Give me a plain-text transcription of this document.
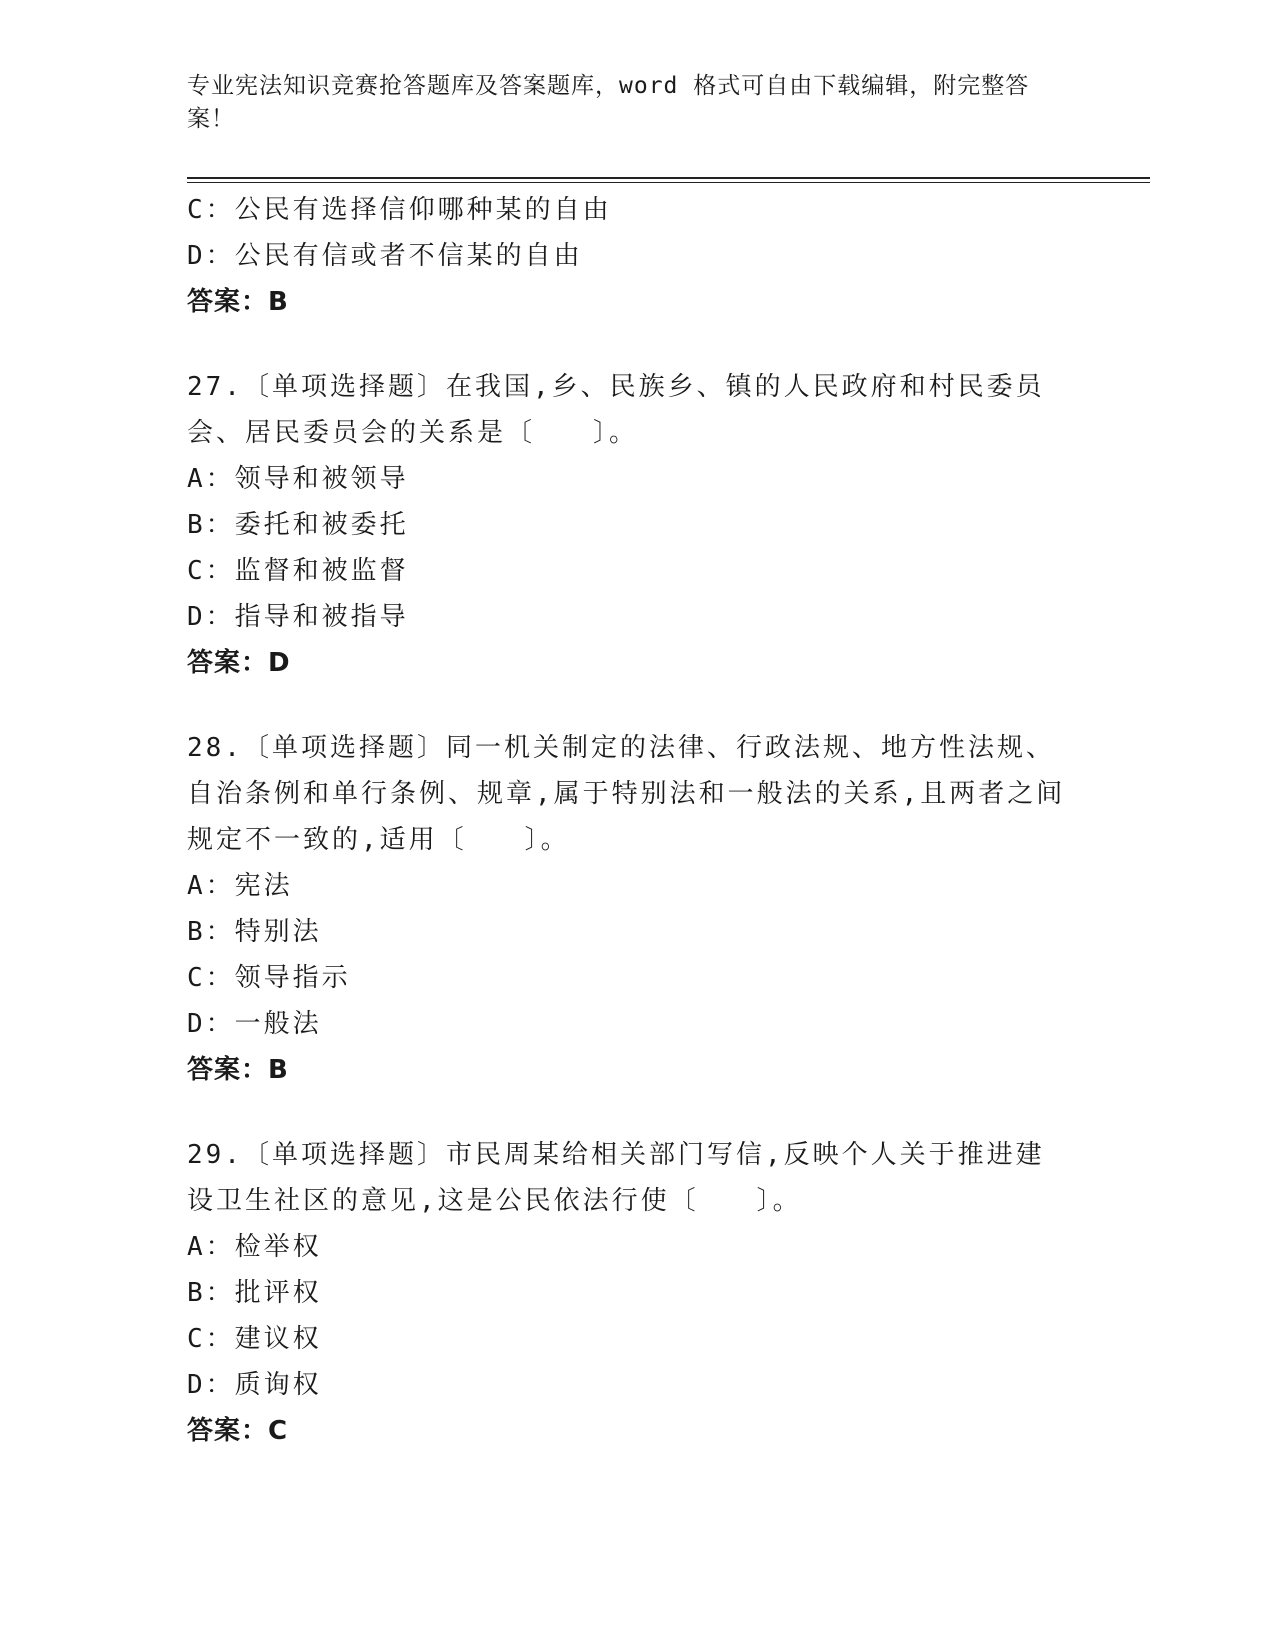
专业宪法知识竞赛抢答题库及答案题库，word 格式可自由下载编辑，附完整答案！
C：公民有选择信仰哪种某的自由
D：公民有信或者不信某的自由
答案：B
27.〔单项选择题〕在我国,乡、民族乡、镇的人民政府和村民委员会、居民委员会的关系是〔　　〕。
A：领导和被领导
B：委托和被委托
C：监督和被监督
D：指导和被指导
答案：D
28.〔单项选择题〕同一机关制定的法律、行政法规、地方性法规、自治条例和单行条例、规章,属于特别法和一般法的关系,且两者之间规定不一致的,适用〔　　〕。
A：宪法
B：特别法
C：领导指示
D：一般法
答案：B
29.〔单项选择题〕市民周某给相关部门写信,反映个人关于推进建设卫生社区的意见,这是公民依法行使〔　　〕。
A：检举权
B：批评权
C：建议权
D：质询权
答案：C
